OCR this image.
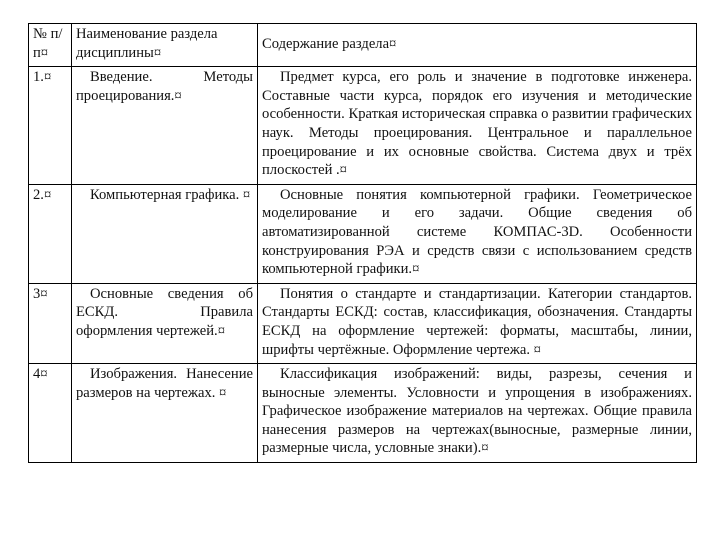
№ п/п¤	Наименование раздела дисциплины¤	Содержание раздела¤

1.¤	Введение. Методы проецирования.¤	Предмет курса, его роль и значение в подготовке инженера. Составные части курса, порядок его изучения и методические особенности. Краткая историческая справка о развитии графических наук. Методы проецирования. Центральное и параллельное проецирование и их основные свойства. Система двух и трёх плоскостей .¤
2.¤	Компьютерная графика. ¤	Основные понятия компьютерной графики. Геометрическое моделирование и его задачи. Общие сведения об автоматизированной системе КОМПАС-3D. Особенности конструирования РЭА и средств связи с использованием средств компьютерной графики.¤
3¤	Основные сведения об ЕСКД. Правила оформления чертежей.¤	Понятия о стандарте и стандартизации. Категории стандартов. Стандарты ЕСКД: состав, классификация, обозначения. Стандарты ЕСКД на оформление чертежей: форматы, масштабы, линии, шрифты чертёжные. Оформление чертежа. ¤
4¤	Изображения. Нанесение размеров на чертежах. ¤	Классификация изображений: виды, разрезы, сечения и выносные элементы. Условности и упрощения в изображениях. Графическое изображение материалов на чертежах. Общие правила нанесения размеров на чертежах(выносные, размерные линии, размерные числа, условные знаки).¤
